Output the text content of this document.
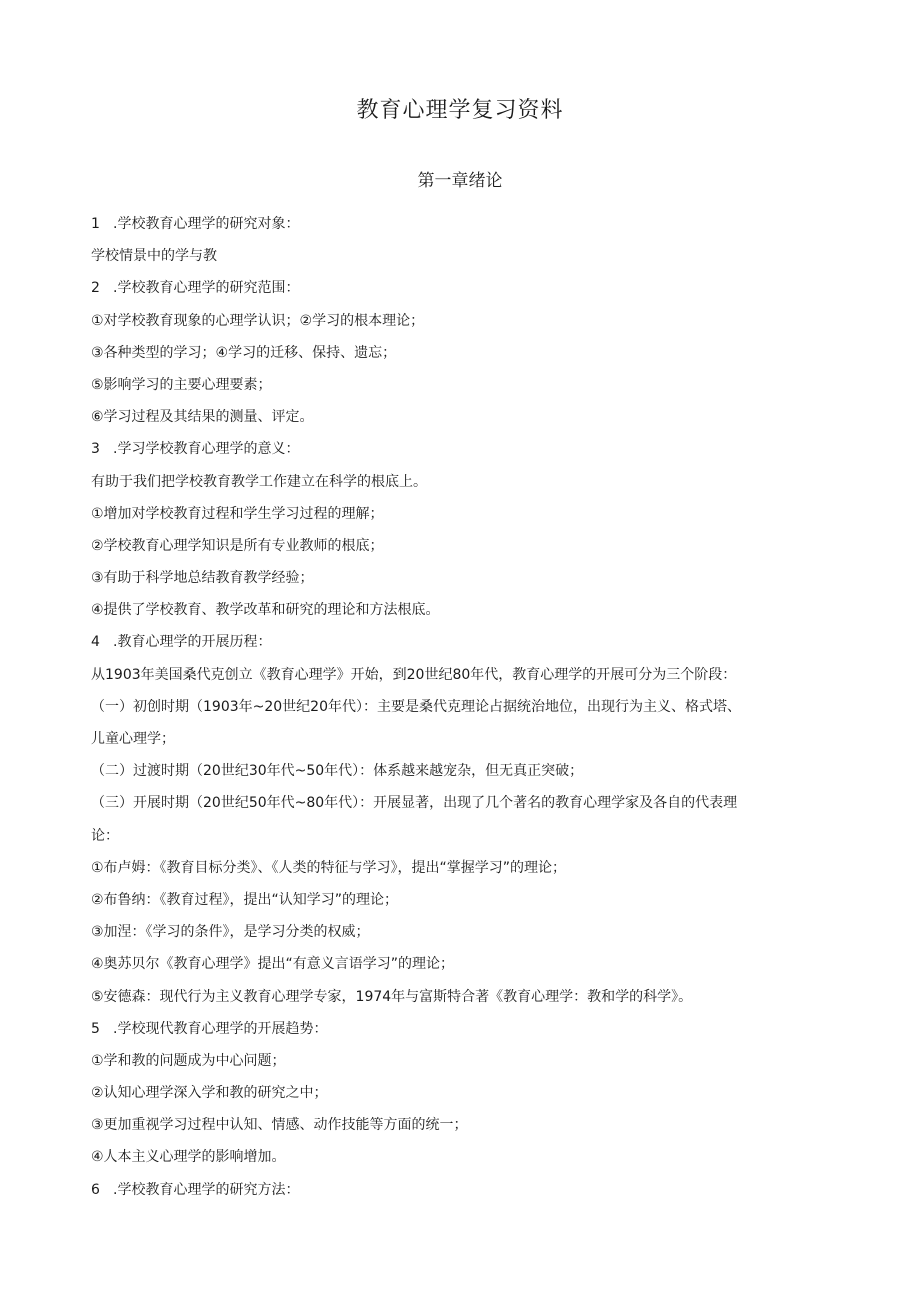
教育心理学复习资料
第一章绪论
1 .学校教育心理学的研究对象：
学校情景中的学与教
2 .学校教育心理学的研究范围：
①对学校教育现象的心理学认识；②学习的根本理论；
③各种类型的学习；④学习的迁移、保持、遗忘；
⑤影响学习的主要心理要素；
⑥学习过程及其结果的测量、评定。
3 .学习学校教育心理学的意义：
有助于我们把学校教育教学工作建立在科学的根底上。
①增加对学校教育过程和学生学习过程的理解；
②学校教育心理学知识是所有专业教师的根底；
③有助于科学地总结教育教学经验；
④提供了学校教育、教学改革和研究的理论和方法根底。
4 .教育心理学的开展历程：
从1903年美国桑代克创立《教育心理学》开始，到20世纪80年代，教育心理学的开展可分为三个阶段：
（一）初创时期（1903年~20世纪20年代）：主要是桑代克理论占据统治地位，出现行为主义、格式塔、
儿童心理学；
（二）过渡时期（20世纪30年代~50年代）：体系越来越宠杂，但无真正突破；
（三）开展时期（20世纪50年代~80年代）：开展显著，出现了几个著名的教育心理学家及各自的代表理
论：
①布卢姆：《教育目标分类》、《人类的特征与学习》，提出“掌握学习”的理论；
②布鲁纳：《教育过程》，提出“认知学习”的理论；
③加涅：《学习的条件》，是学习分类的权威；
④奥苏贝尔《教育心理学》提出“有意义言语学习”的理论；
⑤安德森：现代行为主义教育心理学专家，1974年与富斯特合著《教育心理学：教和学的科学》。
5 .学校现代教育心理学的开展趋势：
①学和教的问题成为中心问题；
②认知心理学深入学和教的研究之中；
③更加重视学习过程中认知、情感、动作技能等方面的统一；
④人本主义心理学的影响增加。
6 .学校教育心理学的研究方法：
